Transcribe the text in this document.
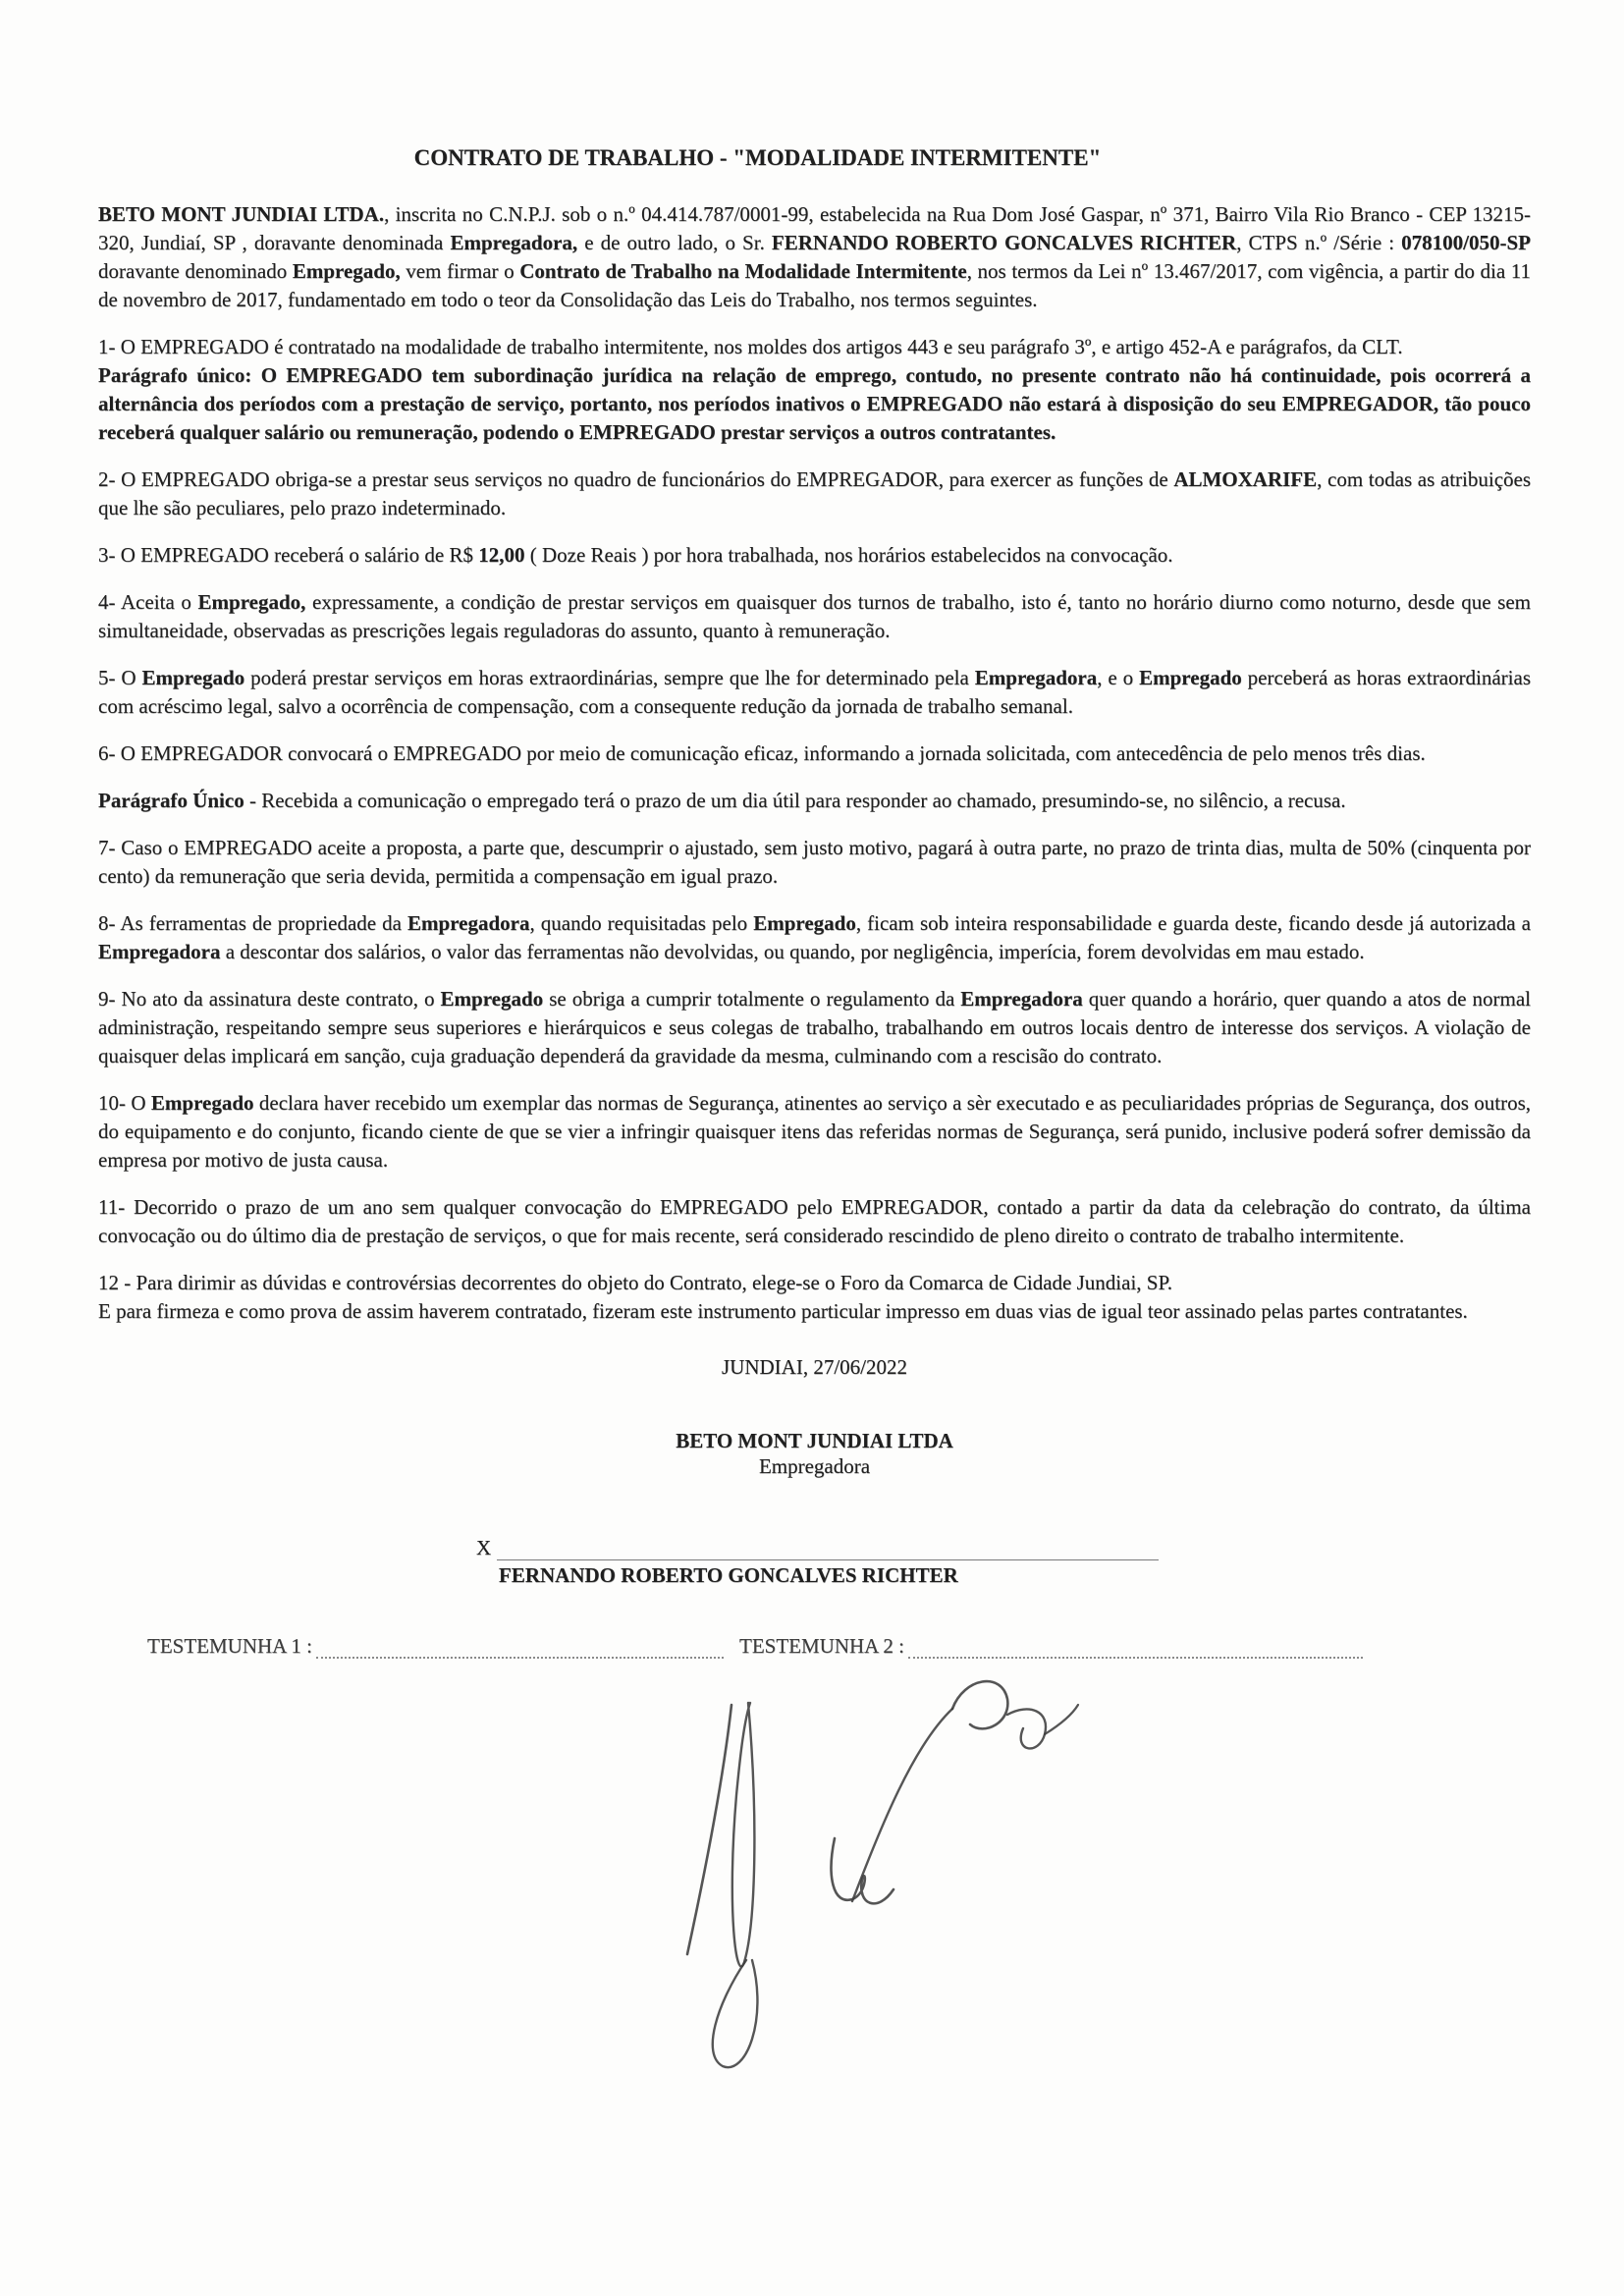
CONTRATO DE TRABALHO - "MODALIDADE INTERMITENTE"

BETO MONT JUNDIAI LTDA., inscrita no C.N.P.J. sob o n.º 04.414.787/0001-99, estabelecida na Rua Dom José Gaspar, nº 371, Bairro Vila Rio Branco - CEP 13215-320, Jundiaí, SP , doravante denominada Empregadora, e de outro lado, o Sr. FERNANDO ROBERTO GONCALVES RICHTER, CTPS n.º /Série : 078100/050-SP doravante denominado Empregado, vem firmar o Contrato de Trabalho na Modalidade Intermitente, nos termos da Lei nº 13.467/2017, com vigência, a partir do dia 11 de novembro de 2017, fundamentado em todo o teor da Consolidação das Leis do Trabalho, nos termos seguintes.

1- O EMPREGADO é contratado na modalidade de trabalho intermitente, nos moldes dos artigos 443 e seu parágrafo 3º, e artigo 452-A e parágrafos, da CLT.

Parágrafo único: O EMPREGADO tem subordinação jurídica na relação de emprego, contudo, no presente contrato não há continuidade, pois ocorrerá a alternância dos períodos com a prestação de serviço, portanto, nos períodos inativos o EMPREGADO não estará à disposição do seu EMPREGADOR, tão pouco receberá qualquer salário ou remuneração, podendo o EMPREGADO prestar serviços a outros contratantes.

2- O EMPREGADO obriga-se a prestar seus serviços no quadro de funcionários do EMPREGADOR, para exercer as funções de ALMOXARIFE, com todas as atribuições que lhe são peculiares, pelo prazo indeterminado.

3- O EMPREGADO receberá o salário de R$ 12,00 ( Doze Reais ) por hora trabalhada, nos horários estabelecidos na convocação.

4- Aceita o Empregado, expressamente, a condição de prestar serviços em quaisquer dos turnos de trabalho, isto é, tanto no horário diurno como noturno, desde que sem simultaneidade, observadas as prescrições legais reguladoras do assunto, quanto à remuneração.

5- O Empregado poderá prestar serviços em horas extraordinárias, sempre que lhe for determinado pela Empregadora, e o Empregado perceberá as horas extraordinárias com acréscimo legal, salvo a ocorrência de compensação, com a consequente redução da jornada de trabalho semanal.

6- O EMPREGADOR convocará o EMPREGADO por meio de comunicação eficaz, informando a jornada solicitada, com antecedência de pelo menos três dias.

Parágrafo Único - Recebida a comunicação o empregado terá o prazo de um dia útil para responder ao chamado, presumindo-se, no silêncio, a recusa.

7- Caso o EMPREGADO aceite a proposta, a parte que, descumprir o ajustado, sem justo motivo, pagará à outra parte, no prazo de trinta dias, multa de 50% (cinquenta por cento) da remuneração que seria devida, permitida a compensação em igual prazo.

8- As ferramentas de propriedade da Empregadora, quando requisitadas pelo Empregado, ficam sob inteira responsabilidade e guarda deste, ficando desde já autorizada a Empregadora a descontar dos salários, o valor das ferramentas não devolvidas, ou quando, por negligência, imperícia, forem devolvidas em mau estado.

9- No ato da assinatura deste contrato, o Empregado se obriga a cumprir totalmente o regulamento da Empregadora quer quando a horário, quer quando a atos de normal administração, respeitando sempre seus superiores e hierárquicos e seus colegas de trabalho, trabalhando em outros locais dentro de interesse dos serviços. A violação de quaisquer delas implicará em sanção, cuja graduação dependerá da gravidade da mesma, culminando com a rescisão do contrato.

10- O Empregado declara haver recebido um exemplar das normas de Segurança, atinentes ao serviço a sèr executado e as peculiaridades próprias de Segurança, dos outros, do equipamento e do conjunto, ficando ciente de que se vier a infringir quaisquer itens das referidas normas de Segurança, será punido, inclusive poderá sofrer demissão da empresa por motivo de justa causa.

11- Decorrido o prazo de um ano sem qualquer convocação do EMPREGADO pelo EMPREGADOR, contado a partir da data da celebração do contrato, da última convocação ou do último dia de prestação de serviços, o que for mais recente, será considerado rescindido de pleno direito o contrato de trabalho intermitente.

12 - Para dirimir as dúvidas e controvérsias decorrentes do objeto do Contrato, elege-se o Foro da Comarca de Cidade Jundiai, SP.

E para firmeza e como prova de assim haverem contratado, fizeram este instrumento particular impresso em duas vias de igual teor assinado pelas partes contratantes.

JUNDIAI, 27/06/2022

BETO MONT JUNDIAI LTDA

Empregadora

X

FERNANDO ROBERTO GONCALVES RICHTER

TESTEMUNHA 1 :	TESTEMUNHA 2 :
